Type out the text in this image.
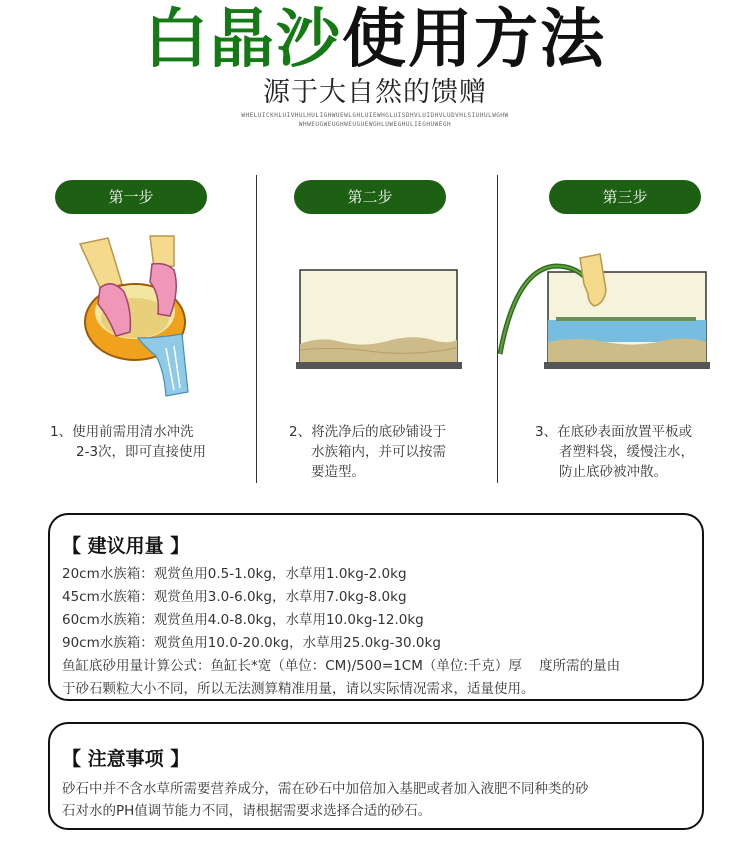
白晶沙使用方法
源于大自然的馈赠
WHELUICKHLUIVHULHULIGHWUEWLGHLUIEWHGLUISDHVLUIDHVLUDVHLSIUHULWGHW
WHWEUGWEUGHWEUGUEWGHLUWEGHULIEGHUWEGH
第一步	第二步	第三步
1、使用前需用清水冲洗
2-3次，即可直接使用
2、将洗净后的底砂铺设于
水族箱内，并可以按需
要造型。
3、在底砂表面放置平板或
者塑料袋，缓慢注水，
防止底砂被冲散。
【 建议用量 】
20cm水族箱：观赏鱼用0.5-1.0kg，水草用1.0kg-2.0kg
45cm水族箱：观赏鱼用3.0-6.0kg，水草用7.0kg-8.0kg
60cm水族箱：观赏鱼用4.0-8.0kg，水草用10.0kg-12.0kg
90cm水族箱：观赏鱼用10.0-20.0kg，水草用25.0kg-30.0kg
鱼缸底砂用量计算公式：鱼缸长*宽（单位：CM)/500=1CM（单位:千克）厚    度所需的量由
于砂石颗粒大小不同，所以无法测算精准用量，请以实际情况需求，适量使用。
【 注意事项 】
砂石中并不含水草所需要营养成分，需在砂石中加倍加入基肥或者加入液肥不同种类的砂
石对水的PH值调节能力不同，请根据需要求选择合适的砂石。
